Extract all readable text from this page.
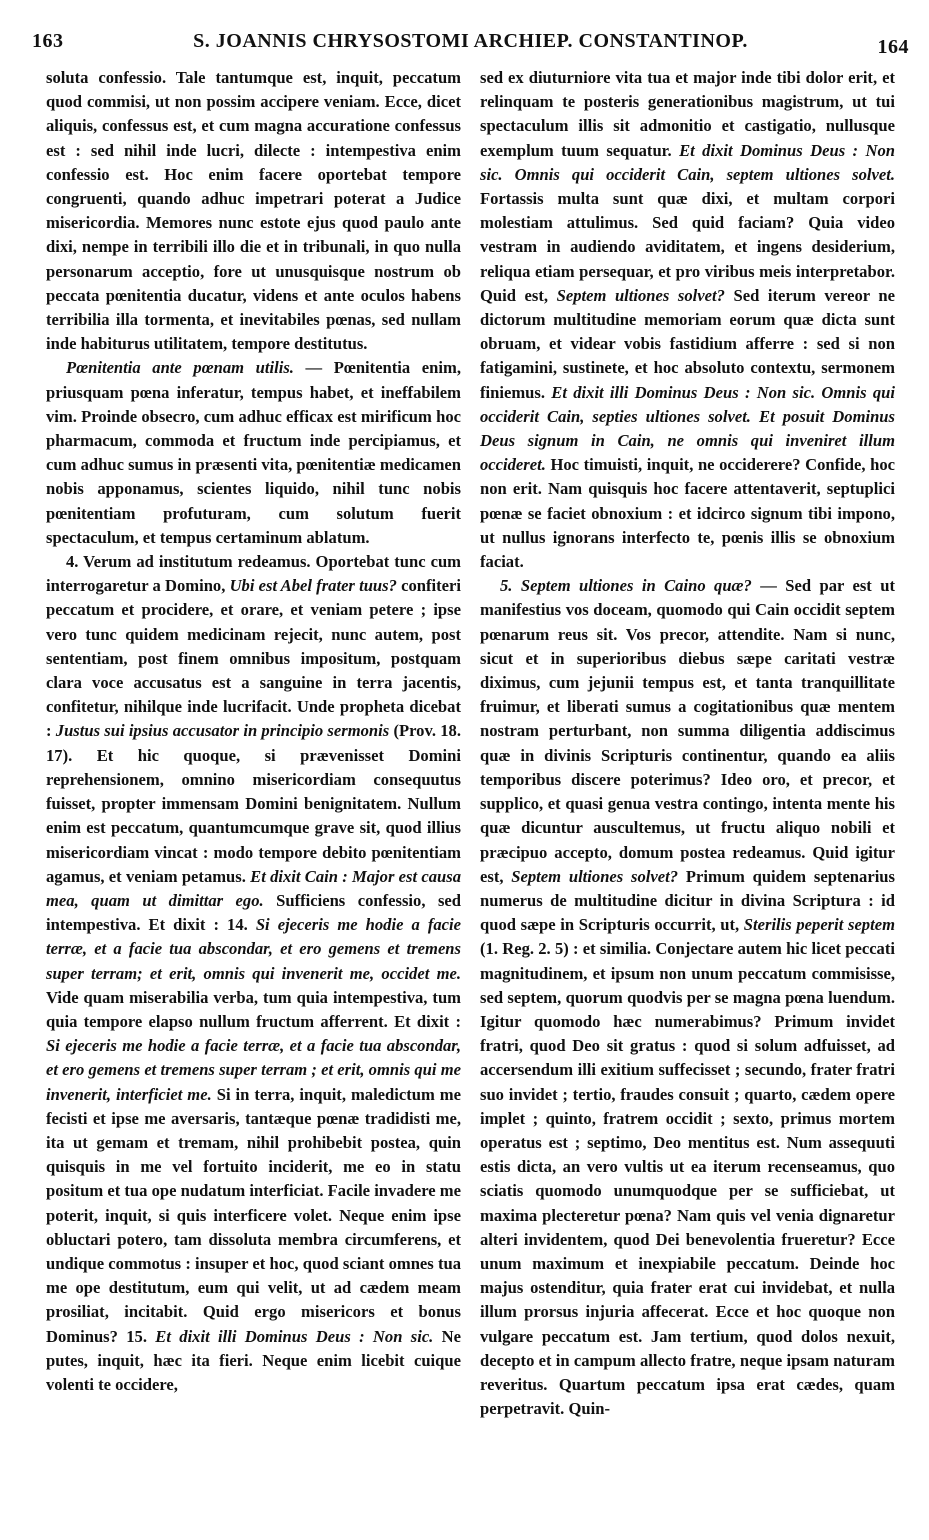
163	S. JOANNIS CHRYSOSTOMI ARCHIEP. CONSTANTINOP.	164

soluta confessio. Tale tantumque est, inquit, peccatum quod commisi, ut non possim accipere veniam. Ecce, dicet aliquis, confessus est, et cum magna accuratione confessus est : sed nihil inde lucri, dilecte : intempestiva enim confessio est. Hoc enim facere oportebat tempore congruenti, quando adhuc impetrari poterat a Judice misericordia. Memores nunc estote ejus quod paulo ante dixi, nempe in terribili illo die et in tribunali, in quo nulla personarum acceptio, fore ut unusquisque nostrum ob peccata pœnitentia ducatur, videns et ante oculos habens terribilia illa tormenta, et inevitabiles pœnas, sed nullam inde habiturus utilitatem, tempore destitutus.

Pœnitentia ante pœnam utilis. — Pœnitentia enim, priusquam pœna inferatur, tempus habet, et ineffabilem vim. Proinde obsecro, cum adhuc efficax est mirificum hoc pharmacum, commoda et fructum inde percipiamus, et cum adhuc sumus in præsenti vita, pœnitentiæ medicamen nobis apponamus, scientes liquido, nihil tunc nobis pœnitentiam profuturam, cum solutum fuerit spectaculum, et tempus certaminum ablatum.

4. Verum ad institutum redeamus. Oportebat tunc cum interrogaretur a Domino, Ubi est Abel frater tuus? confiteri peccatum et procidere, et orare, et veniam petere ; ipse vero tunc quidem medicinam rejecit, nunc autem, post sententiam, post finem omnibus impositum, postquam clara voce accusatus est a sanguine in terra jacentis, confitetur, nihilque inde lucrifacit. Unde propheta dicebat : Justus sui ipsius accusator in principio sermonis (Prov. 18. 17). Et hic quoque, si prævenisset Domini reprehensionem, omnino misericordiam consequutus fuisset, propter immensam Domini benignitatem. Nullum enim est peccatum, quantumcumque grave sit, quod illius misericordiam vincat : modo tempore debito pœnitentiam agamus, et veniam petamus. Et dixit Cain : Major est causa mea, quam ut dimittar ego. Sufficiens confessio, sed intempestiva. Et dixit : 14. Si ejeceris me hodie a facie terræ, et a facie tua abscondar, et ero gemens et tremens super terram; et erit, omnis qui invenerit me, occidet me. Vide quam miserabilia verba, tum quia intempestiva, tum quia tempore elapso nullum fructum afferrent. Et dixit : Si ejeceris me hodie a facie terræ, et a facie tua abscondar, et ero gemens et tremens super terram ; et erit, omnis qui me invenerit, interficiet me. Si in terra, inquit, maledictum me fecisti et ipse me aversaris, tantæque pœnæ tradidisti me, ita ut gemam et tremam, nihil prohibebit postea, quin quisquis in me vel fortuito inciderit, me eo in statu positum et tua ope nudatum interficiat. Facile invadere me poterit, inquit, si quis interficere volet. Neque enim ipse obluctari potero, tam dissoluta membra circumferens, et undique commotus : insuper et hoc, quod sciant omnes tua me ope destitutum, eum qui velit, ut ad cædem meam prosiliat, incitabit. Quid ergo misericors et bonus Dominus? 15. Et dixit illi Dominus Deus : Non sic. Ne putes, inquit, hæc ita fieri. Neque enim licebit cuique volenti te occidere,

sed ex diuturniore vita tua et major inde tibi dolor erit, et relinquam te posteris generationibus magistrum, ut tui spectaculum illis sit admonitio et castigatio, nullusque exemplum tuum sequatur. Et dixit Dominus Deus : Non sic. Omnis qui occiderit Cain, septem ultiones solvet. Fortassis multa sunt quæ dixi, et multam corpori molestiam attulimus. Sed quid faciam? Quia video vestram in audiendo aviditatem, et ingens desiderium, reliqua etiam persequar, et pro viribus meis interpretabor. Quid est, Septem ultiones solvet? Sed iterum vereor ne dictorum multitudine memoriam eorum quæ dicta sunt obruam, et videar vobis fastidium afferre : sed si non fatigamini, sustinete, et hoc absoluto contextu, sermonem finiemus. Et dixit illi Dominus Deus : Non sic. Omnis qui occiderit Cain, septies ultiones solvet. Et posuit Dominus Deus signum in Cain, ne omnis qui inveniret illum occideret. Hoc timuisti, inquit, ne occiderere? Confide, hoc non erit. Nam quisquis hoc facere attentaverit, septuplici pœnæ se faciet obnoxium : et idcirco signum tibi impono, ut nullus ignorans interfecto te, pœnis illis se obnoxium faciat.

5. Septem ultiones in Caino quæ? — Sed par est ut manifestius vos doceam, quomodo qui Cain occidit septem pœnarum reus sit. Vos precor, attendite. Nam si nunc, sicut et in superioribus diebus sæpe caritati vestræ diximus, cum jejunii tempus est, et tanta tranquillitate fruimur, et liberati sumus a cogitationibus quæ mentem nostram perturbant, non summa diligentia addiscimus quæ in divinis Scripturis continentur, quando ea aliis temporibus discere poterimus? Ideo oro, et precor, et supplico, et quasi genua vestra contingo, intenta mente his quæ dicuntur auscultemus, ut fructu aliquo nobili et præcipuo accepto, domum postea redeamus. Quid igitur est, Septem ultiones solvet? Primum quidem septenarius numerus de multitudine dicitur in divina Scriptura : id quod sæpe in Scripturis occurrit, ut, Sterilis peperit septem (1. Reg. 2. 5) : et similia. Conjectare autem hic licet peccati magnitudinem, et ipsum non unum peccatum commisisse, sed septem, quorum quodvis per se magna pœna luendum. Igitur quomodo hæc numerabimus? Primum invidet fratri, quod Deo sit gratus : quod si solum adfuisset, ad accersendum illi exitium suffecisset ; secundo, frater fratri suo invidet ; tertio, fraudes consuit ; quarto, cædem opere implet ; quinto, fratrem occidit ; sexto, primus mortem operatus est ; septimo, Deo mentitus est. Num assequuti estis dicta, an vero vultis ut ea iterum recenseamus, quo sciatis quomodo unumquodque per se sufficiebat, ut maxima plecteretur pœna? Nam quis vel venia dignaretur alteri invidentem, quod Dei benevolentia frueretur? Ecce unum maximum et inexpiabile peccatum. Deinde hoc majus ostenditur, quia frater erat cui invidebat, et nulla illum prorsus injuria affecerat. Ecce et hoc quoque non vulgare peccatum est. Jam tertium, quod dolos nexuit, decepto et in campum allecto fratre, neque ipsam naturam reveritus. Quartum peccatum ipsa erat cædes, quam perpetravit. Quin-
